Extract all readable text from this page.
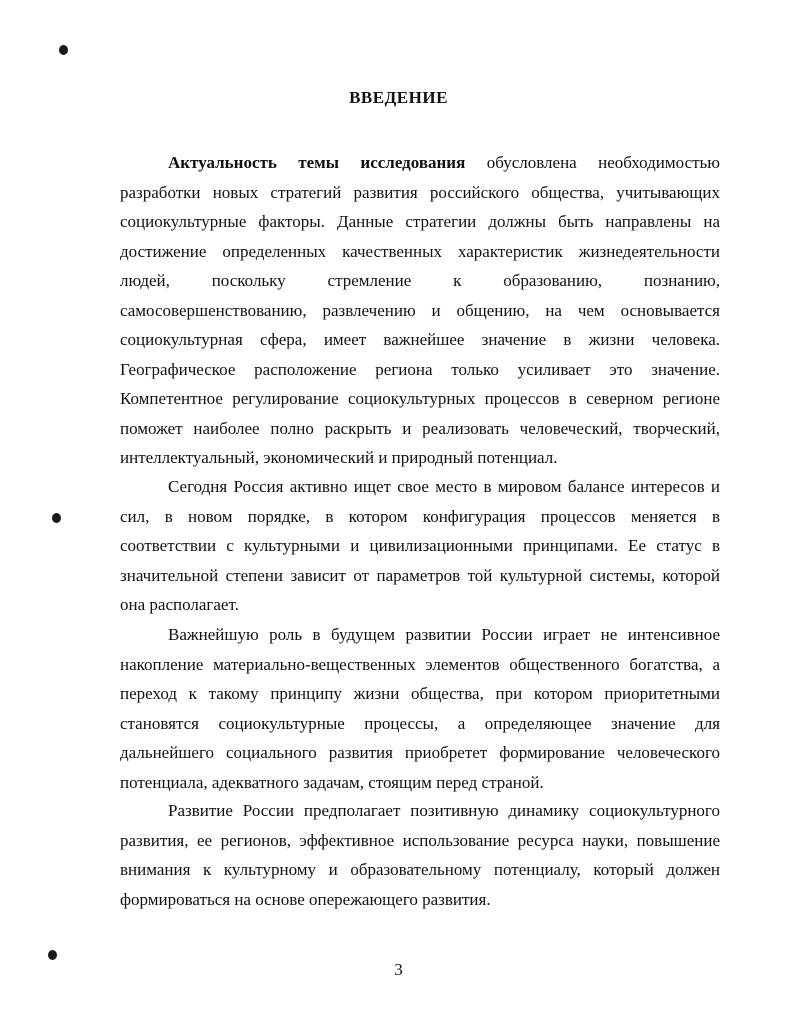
ВВЕДЕНИЕ

Актуальность темы исследования обусловлена необходимостью разработки новых стратегий развития российского общества, учитывающих социокультурные факторы. Данные стратегии должны быть направлены на достижение определенных качественных характеристик жизнедеятельности людей, поскольку стремление к образованию, познанию, самосовершенствованию, развлечению и общению, на чем основывается социокультурная сфера, имеет важнейшее значение в жизни человека. Географическое расположение региона только усиливает это значение. Компетентное регулирование социокультурных процессов в северном регионе поможет наиболее полно раскрыть и реализовать человеческий, творческий, интеллектуальный, экономический и природный потенциал.

Сегодня Россия активно ищет свое место в мировом балансе интересов и сил, в новом порядке, в котором конфигурация процессов меняется в соответствии с культурными и цивилизационными принципами. Ее статус в значительной степени зависит от параметров той культурной системы, которой она располагает.

Важнейшую роль в будущем развитии России играет не интенсивное накопление материально-вещественных элементов общественного богатства, а переход к такому принципу жизни общества, при котором приоритетными становятся социокультурные процессы, а определяющее значение для дальнейшего социального развития приобретет формирование человеческого потенциала, адекватного задачам, стоящим перед страной.

Развитие России предполагает позитивную динамику социокультурного развития, ее регионов, эффективное использование ресурса науки, повышение внимания к культурному и образовательному потенциалу, который должен формироваться на основе опережающего развития.

3
